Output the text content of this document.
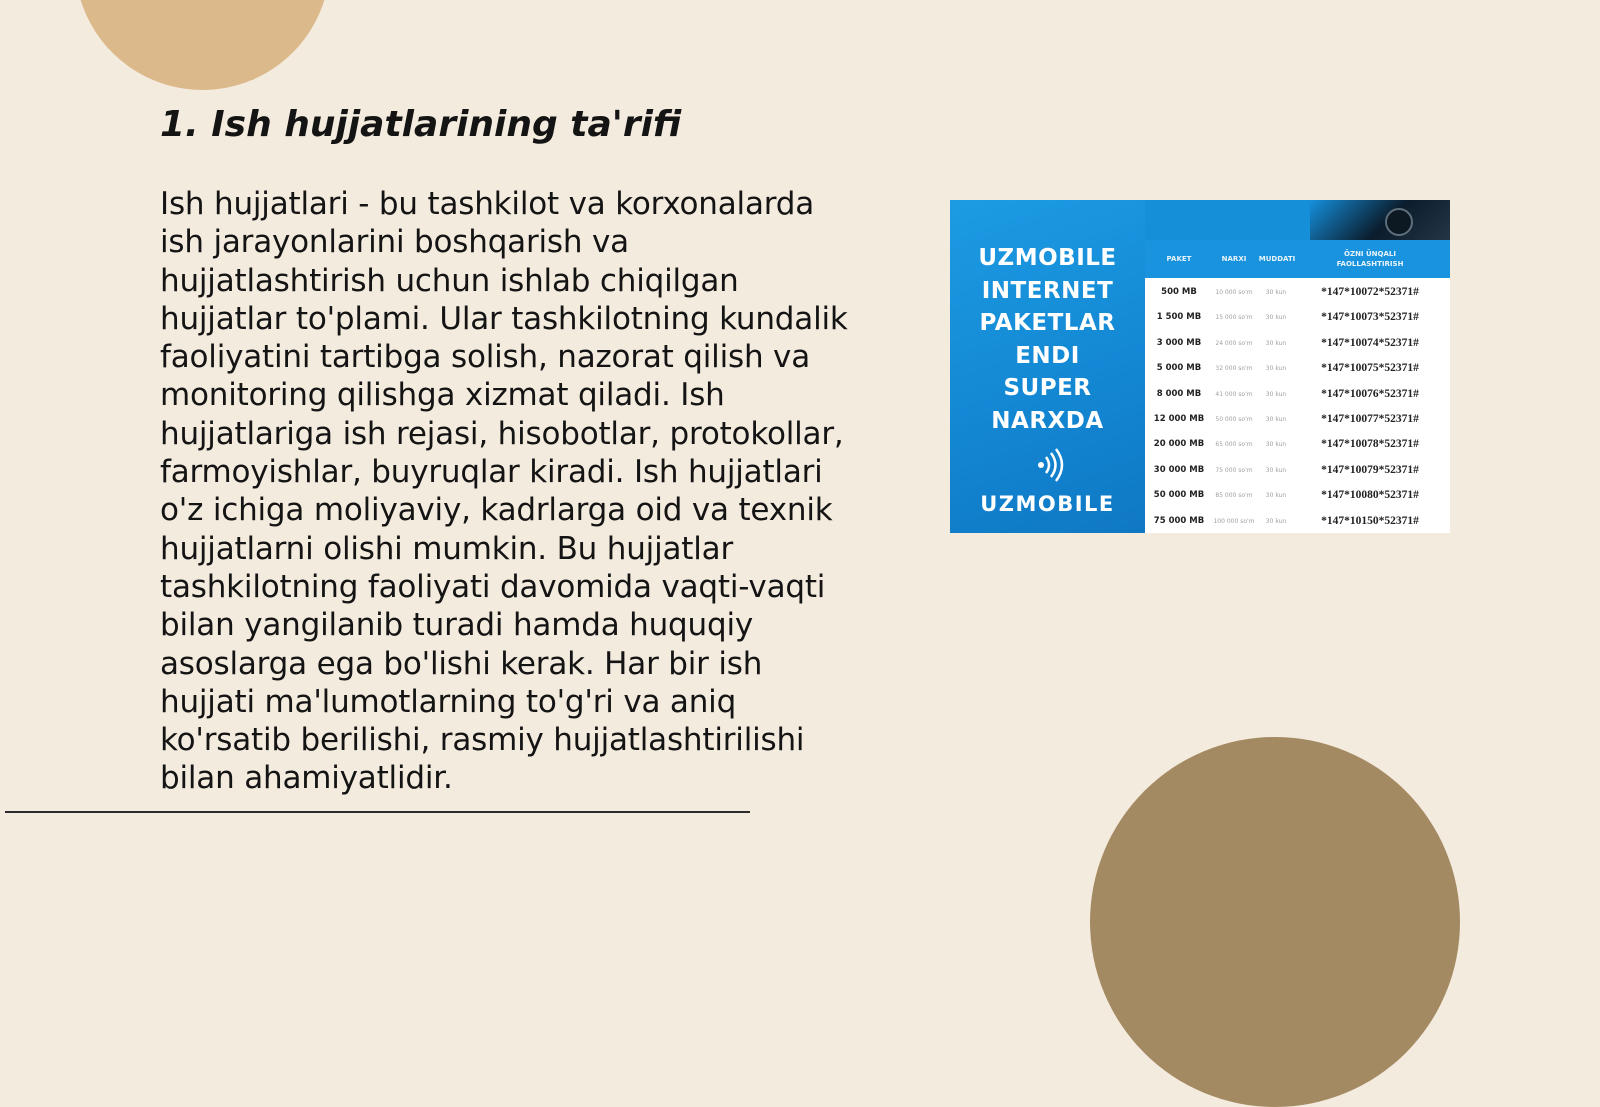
1. Ish hujjatlarining ta'rifi

Ish hujjatlari - bu tashkilot va korxonalarda ish jarayonlarini boshqarish va hujjatlashtirish uchun ishlab chiqilgan hujjatlar to'plami. Ular tashkilotning kundalik faoliyatini tartibga solish, nazorat qilish va monitoring qilishga xizmat qiladi. Ish hujjatlariga ish rejasi, hisobotlar, protokollar, farmoyishlar, buyruqlar kiradi. Ish hujjatlari o'z ichiga moliyaviy, kadrlarga oid va texnik hujjatlarni olishi mumkin. Bu hujjatlar tashkilotning faoliyati davomida vaqti-vaqti bilan yangilanib turadi hamda huquqiy asoslarga ega bo'lishi kerak. Har bir ish hujjati ma'lumotlarning to'g'ri va aniq ko'rsatib berilishi, rasmiy hujjatlashtirilishi bilan ahamiyatlidir.

UZMOBILE
INTERNET
PAKETLAR
ENDI
SUPER
NARXDA
UZMOBILE
PAKET	NARXI	MUDDATI
ÖZNI ÜNQALI FAOLLASHTIRISH
500 MB	10 000 so'm	30 kun	*147*10072*52371#
1 500 MB	15 000 so'm	30 kun	*147*10073*52371#
3 000 MB	24 000 so'm	30 kun	*147*10074*52371#
5 000 MB	32 000 so'm	30 kun	*147*10075*52371#
8 000 MB	41 000 so'm	30 kun	*147*10076*52371#
12 000 MB	50 000 so'm	30 kun	*147*10077*52371#
20 000 MB	65 000 so'm	30 kun	*147*10078*52371#
30 000 MB	75 000 so'm	30 kun	*147*10079*52371#
50 000 MB	85 000 so'm	30 kun	*147*10080*52371#
75 000 MB	100 000 so'm	30 kun	*147*10150*52371#
